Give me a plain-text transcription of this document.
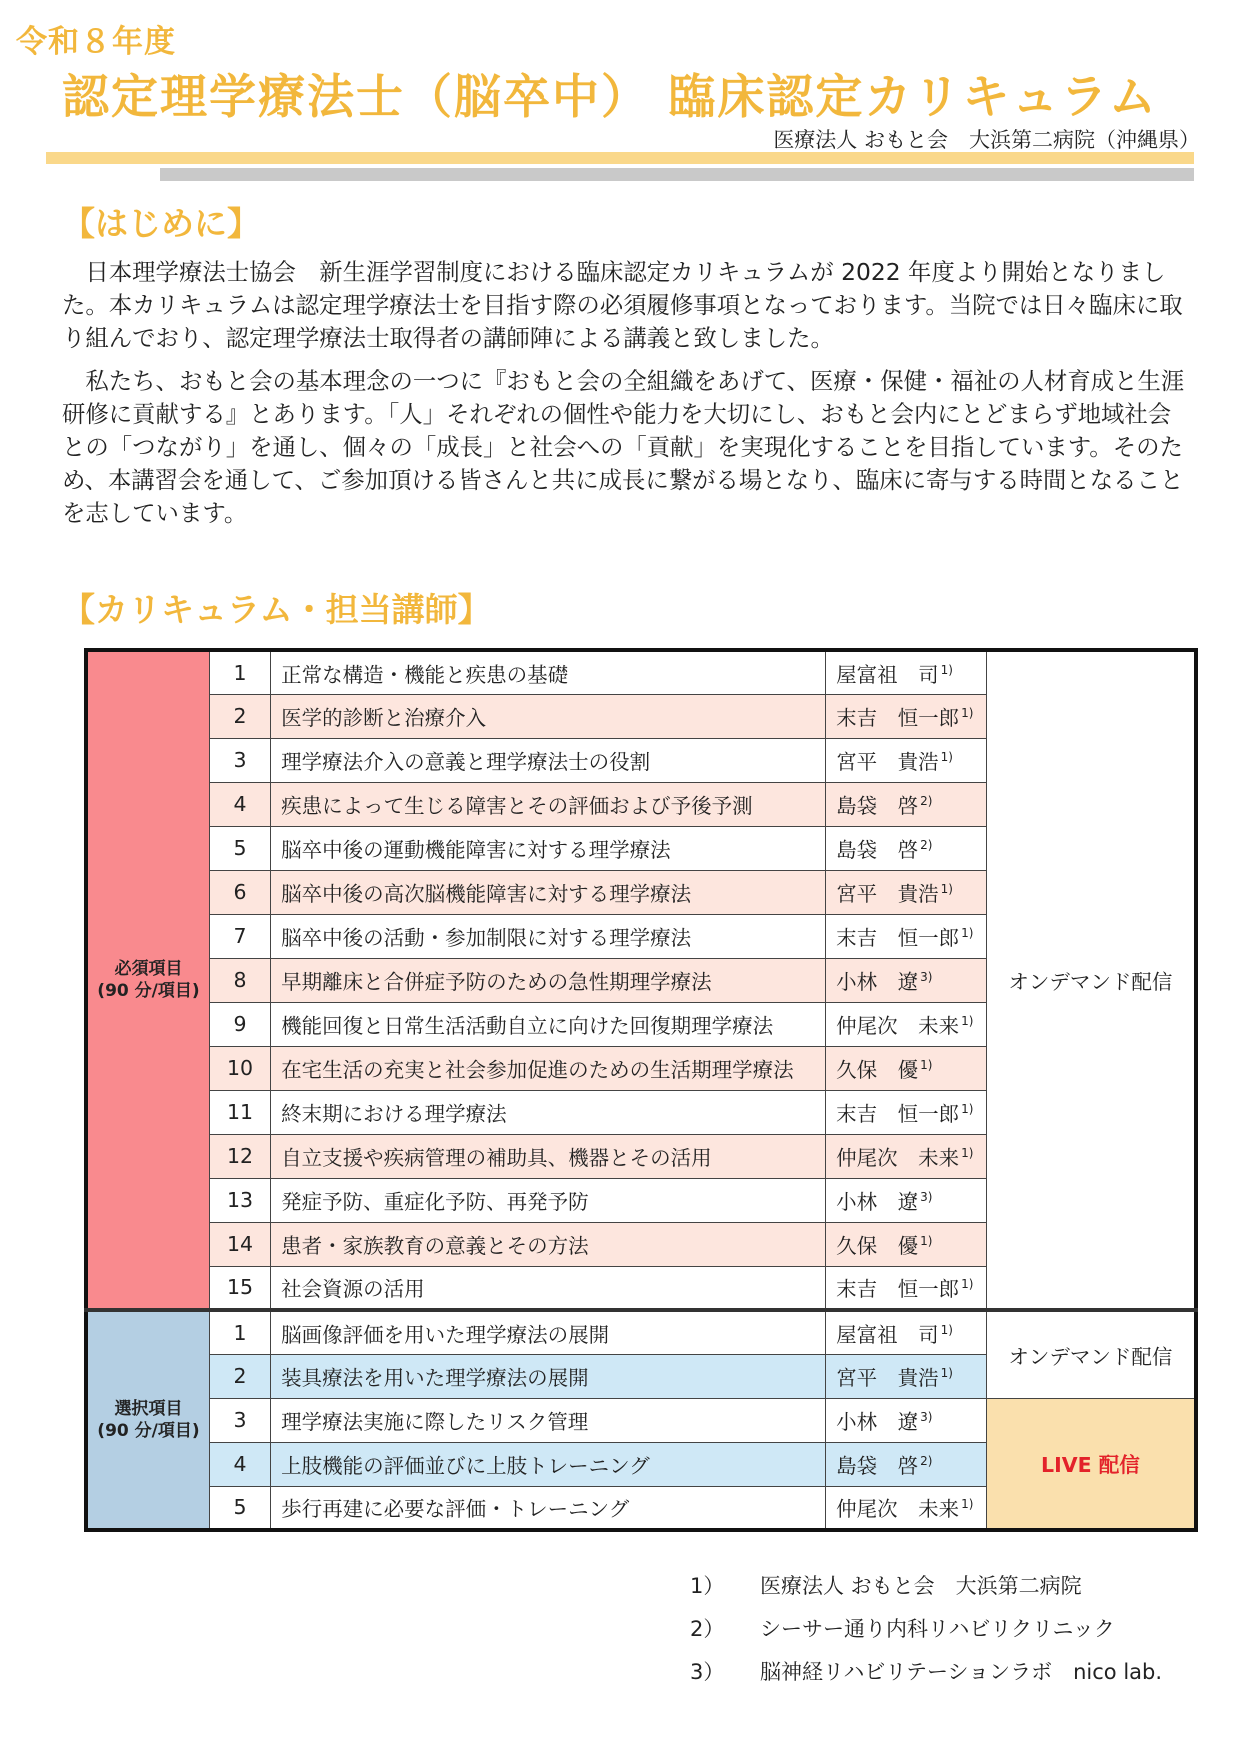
令和８年度
認定理学療法士（脳卒中） 臨床認定カリキュラム
医療法人 おもと会　大浜第二病院（沖縄県）
【はじめに】

日本理学療法士協会　新生涯学習制度における臨床認定カリキュラムが 2022 年度より開始となりました。本カリキュラムは認定理学療法士を目指す際の必須履修事項となっております。当院では日々臨床に取り組んでおり、認定理学療法士取得者の講師陣による講義と致しました。

私たち、おもと会の基本理念の一つに『おもと会の全組織をあげて、医療・保健・福祉の人材育成と生涯研修に貢献する』とあります。「人」それぞれの個性や能力を大切にし、おもと会内にとどまらず地域社会との「つながり」を通し、個々の「成長」と社会への「貢献」を実現化することを目指しています。そのため、本講習会を通して、ご参加頂ける皆さんと共に成長に繋がる場となり、臨床に寄与する時間となることを志しています。

【カリキュラム・担当講師】
必須項目
(90 分/項目)	1	正常な構造・機能と疾患の基礎	屋富祖　司 $^{1)}$	オンデマンド配信
	2	医学的診断と治療介入	末吉　恒一郎 $^{1)}$
	3	理学療法介入の意義と理学療法士の役割	宮平　貴浩 $^{1)}$
	4	疾患によって生じる障害とその評価および予後予測	島袋　啓 $^{2)}$
	5	脳卒中後の運動機能障害に対する理学療法	島袋　啓 $^{2)}$
	6	脳卒中後の高次脳機能障害に対する理学療法	宮平　貴浩 $^{1)}$
	7	脳卒中後の活動・参加制限に対する理学療法	末吉　恒一郎 $^{1)}$
	8	早期離床と合併症予防のための急性期理学療法	小林　遼 $^{3)}$
	9	機能回復と日常生活活動自立に向けた回復期理学療法	仲尾次　未来 $^{1)}$
	10	在宅生活の充実と社会参加促進のための生活期理学療法	久保　優 $^{1)}$
	11	終末期における理学療法	末吉　恒一郎 $^{1)}$
	12	自立支援や疾病管理の補助具、機器とその活用	仲尾次　未来 $^{1)}$
	13	発症予防、重症化予防、再発予防	小林　遼 $^{3)}$
	14	患者・家族教育の意義とその方法	久保　優 $^{1)}$
	15	社会資源の活用	末吉　恒一郎 $^{1)}$

選択項目
(90 分/項目)	1	脳画像評価を用いた理学療法の展開	屋富祖　司 $^{1)}$	オンデマンド配信
	2	装具療法を用いた理学療法の展開	宮平　貴浩 $^{1)}$
	3	理学療法実施に際したリスク管理	小林　遼 $^{3)}$	LIVE 配信
	4	上肢機能の評価並びに上肢トレーニング	島袋　啓 $^{2)}$
	5	歩行再建に必要な評価・トレーニング	仲尾次　未来 $^{1)}$
1） 医療法人 おもと会　大浜第二病院
2） シーサー通り内科リハビリクリニック
3） 脳神経リハビリテーションラボ　nico lab.
